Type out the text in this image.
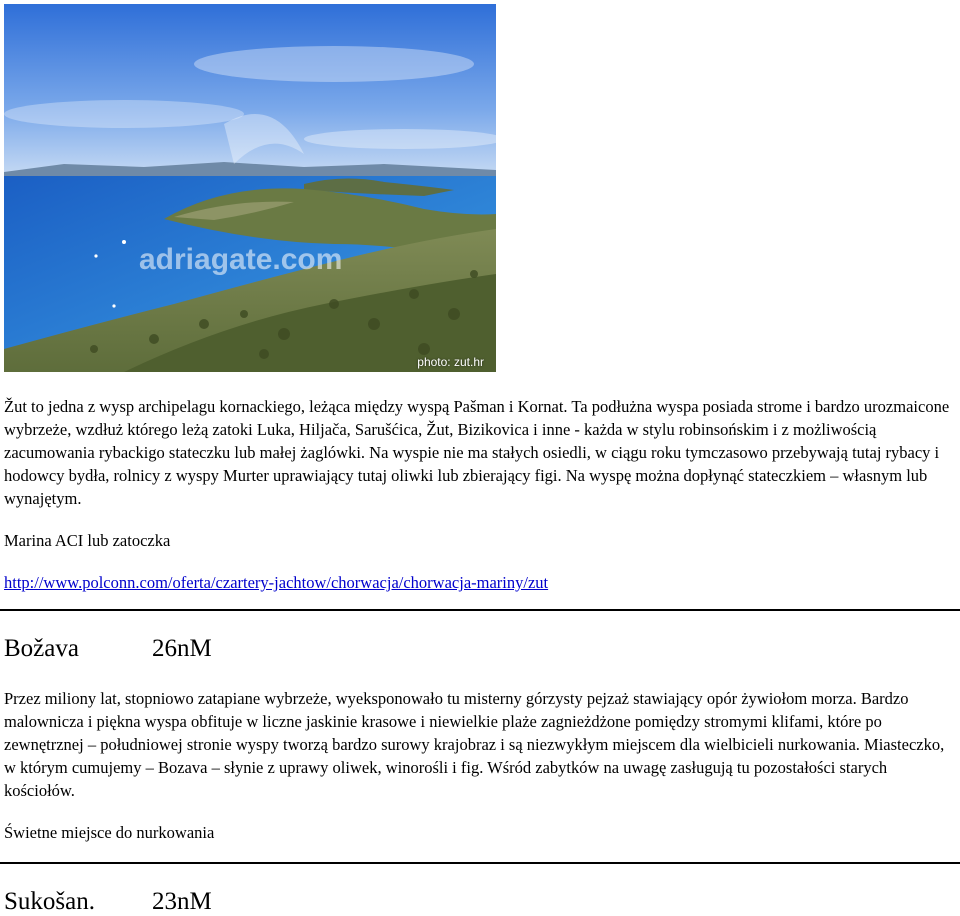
adriagate.com
photo: zut.hr

Žut to jedna z wysp archipelagu kornackiego, leżąca między wyspą Pašman i Kornat. Ta podłużna wyspa posiada strome i bardzo urozmaicone wybrzeże, wzdłuż którego leżą zatoki Luka, Hiljača, Sarušćica, Žut, Bizikovica i inne - każda w stylu robinsońskim i z możliwością zacumowania rybackigo stateczku lub małej żaglówki. Na wyspie nie ma stałych osiedli, w ciągu roku tymczasowo przebywają tutaj rybacy i hodowcy bydła, rolnicy z wyspy Murter uprawiający tutaj oliwki lub zbierający figi. Na wyspę można dopłynąć stateczkiem – własnym lub wynajętym.

Marina ACI lub zatoczka

http://www.polconn.com/oferta/czartery-jachtow/chorwacja/chorwacja-mariny/zut

Božava	26nM

Przez miliony lat, stopniowo zatapiane wybrzeże, wyeksponowało tu misterny górzysty pejzaż stawiający opór żywiołom morza. Bardzo malownicza i piękna wyspa obfituje w liczne jaskinie krasowe i niewielkie plaże zagnieżdżone pomiędzy stromymi klifami, które po zewnętrznej – południowej stronie wyspy tworzą bardzo surowy krajobraz i są niezwykłym miejscem dla wielbicieli nurkowania. Miasteczko, w którym cumujemy – Bozava – słynie z uprawy oliwek, winorośli i fig. Wśród zabytków na uwagę zasługują tu pozostałości starych kościołów.

Świetne miejsce do nurkowania

Sukošan. 23nM
